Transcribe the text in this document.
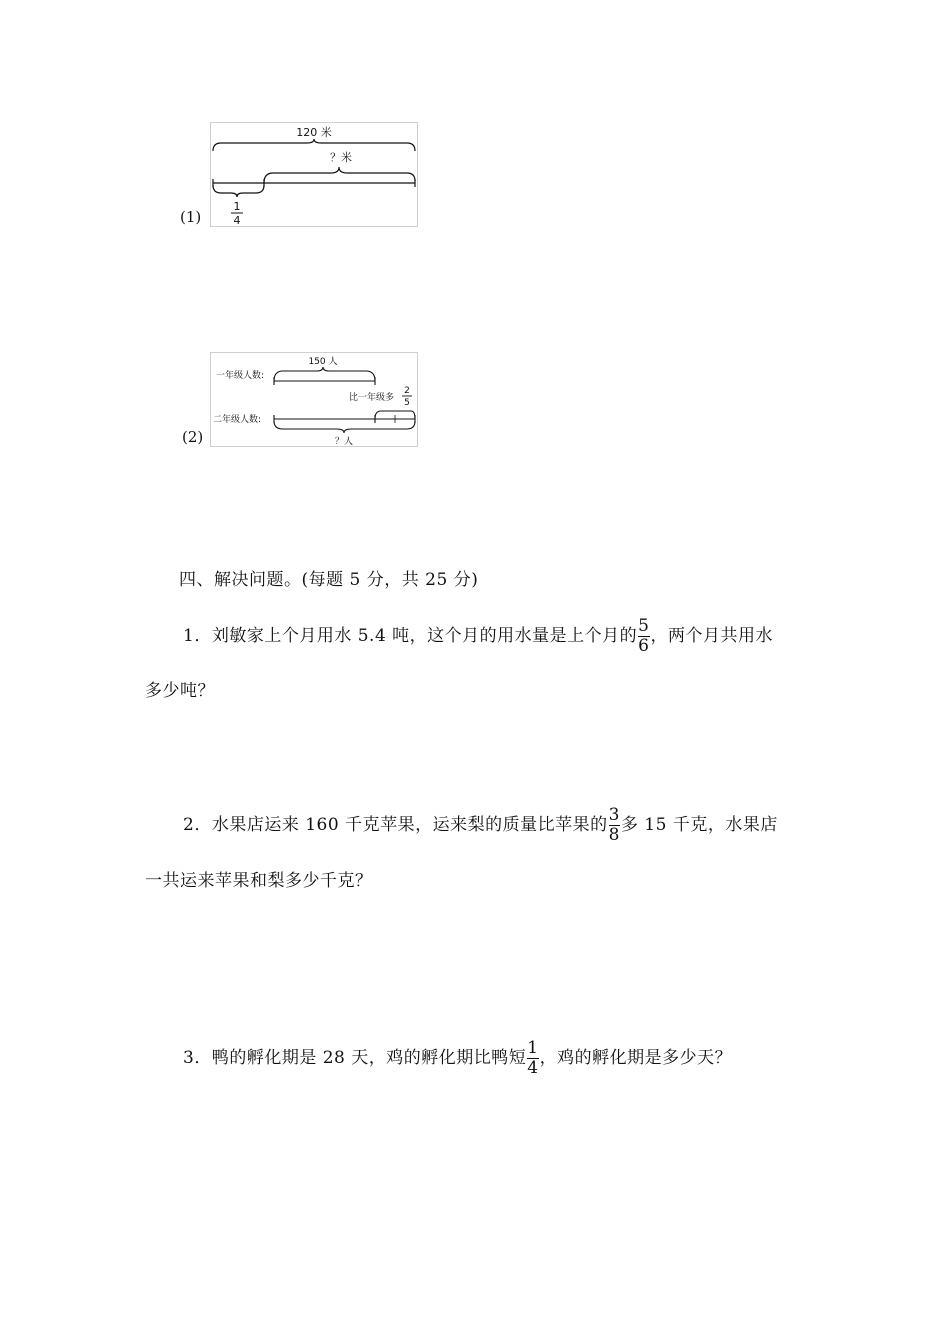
(1)
120 米
？米
1
4
(2)
150 人
一年级人数:
比一年级多
2
5
二年级人数:
？人
四、解决问题。(每题 5 分，共 25 分)
1．刘敏家上个月用水 5.4 吨，这个月的用水量是上个月的 $\frac{5}{6}$ ，两个月共用水
多少吨？
2．水果店运来 160 千克苹果，运来梨的质量比苹果的 $\frac{3}{8}$ 多 15 千克，水果店
一共运来苹果和梨多少千克？
3．鸭的孵化期是 28 天，鸡的孵化期比鸭短 $\frac{1}{4}$ ，鸡的孵化期是多少天？
